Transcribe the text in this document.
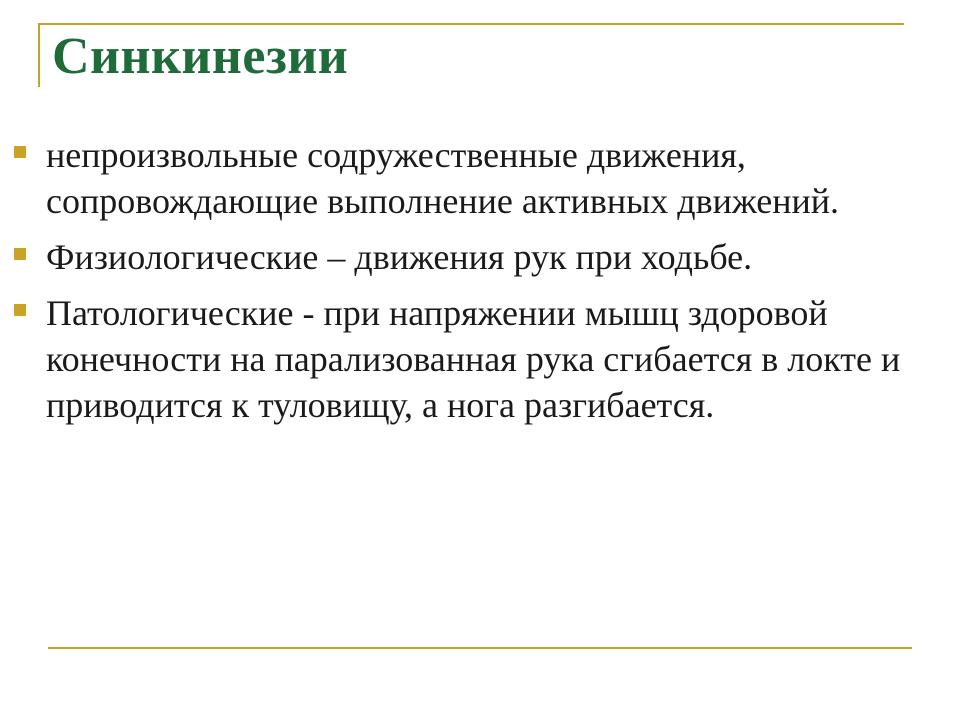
Синкинезии
непроизвольные содружественные движения, сопровождающие выполнение активных движений.
Физиологические – движения рук при ходьбе.
Патологические - при напряжении мышц здоровой конечности на парализованная рука сгибается в локте и приводится к туловищу, а нога разгибается.
